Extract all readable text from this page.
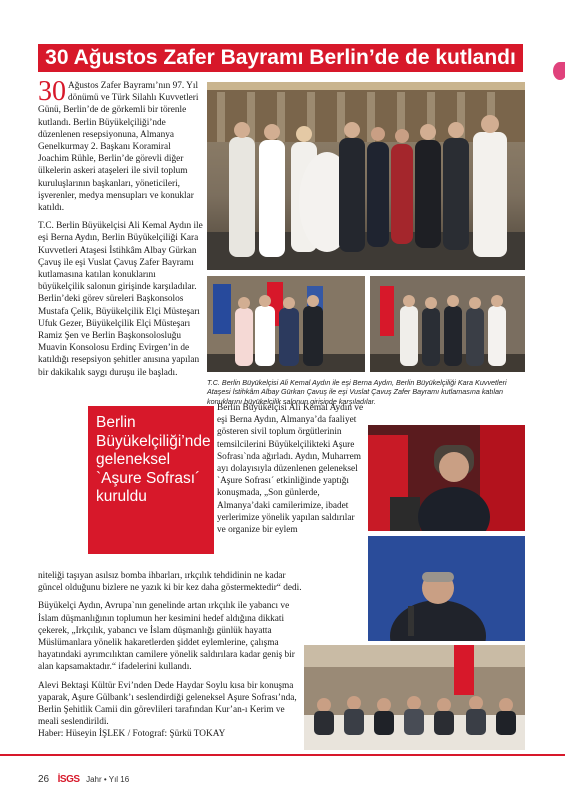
30 Ağustos Zafer Bayramı Berlin’de de kutlandı

30 Ağustos Zafer Bayramı’nın 97. Yıl dönümü ve Türk Silahlı Kuvvetleri Günü, Berlin’de de görkemli bir törenle kutlandı. Berlin Büyükelçiliği’nde düzenlenen resepsiyonuna, Almanya Genelkurmay 2. Başkanı Koramiral Joachim Rühle, Berlin’de görevli diğer ülkelerin askeri ataşeleri ile sivil toplum kuruluşlarının başkanları, yöneticileri, işverenler, medya mensupları ve konuklar katıldı.

T.C. Berlin Büyükelçisi Ali Kemal Aydın ile eşi Berna Aydın, Berlin Büyükelçiliği Kara Kuvvetleri Ataşesi İstihkâm Albay Gürkan Çavuş ile eşi Vuslat Çavuş Zafer Bayramı kutlamasına katılan konuklarını büyükelçilik salonun girişinde karşıladılar. Berlin’deki görev süreleri Başkonsolos Mustafa Çelik, Büyükelçilik Elçi Müsteşarı Ufuk Gezer, Büyükelçilik Elçi Müsteşarı Ramiz Şen ve Berlin Başkonsolosluğu Muavin Konsolosu Erdinç Evirgen’in de katıldığı resepsiyon şehitler anısına yapılan bir dakikalık saygı duruşu ile başladı.

T.C. Berlin Büyükelçisi Ali Kemal Aydın ile eşi Berna Aydın, Berlin Büyükelçiliği Kara Kuvvetleri Ataşesi İstihkâm Albay Gürkan Çavuş ile eşi Vuslat Çavuş Zafer Bayramı kutlamasına katılan konuklarını büyükelçilik salonun girişinde karşıladılar.
Berlin Büyükelçiliği’nde geleneksel `Aşure Sofrası´ kuruldu

Berlin Büyükelçisi Ali Kemal Aydın ve eşi Berna Aydın, Almanya’da faaliyet gösteren sivil toplum örgütlerinin temsilcilerini Büyükelçilikteki Aşure Sofrası`nda ağırladı. Aydın, Muharrem ayı dolayısıyla düzenlenen geleneksel `Aşure Sofrası´ etkinliğinde yaptığı konuşmada, „Son günlerde, Almanya’daki camilerimize, ibadet yerlerimize yönelik yapılan saldırılar ve organize bir eylem

niteliği taşıyan asılsız bomba ihbarları, ırkçılık tehdidinin ne kadar güncel olduğunu bizlere ne yazık ki bir kez daha göstermektedir“ dedi.

Büyükelçi Aydın, Avrupa`nın genelinde artan ırkçılık ile yabancı ve İslam düşmanlığının toplumun her kesimini hedef aldığına dikkati çekerek, „Irkçılık, yabancı ve İslam düşmanlığı günlük hayatta Müslümanlara yönelik hakaretlerden şiddet eylemlerine, çalışma hayatındaki ayrımcılıktan camilere yönelik saldırılara kadar geniş bir alan kapsamaktadır.“ ifadelerini kullandı.

Alevi Bektaşi Kültür Evi’nden Dede Haydar Soylu kısa bir konuşma yaparak, Aşure Gülbank’ı seslendirdiği geleneksel Aşure Sofrası’nda, Berlin Şehitlik Camii din görevlileri tarafından Kur’an-ı Kerim ve meali seslendirildi.

Haber: Hüseyin İŞLEK / Fotograf: Şürkü TOKAY

26 İSGS Jahr • Yıl 16
